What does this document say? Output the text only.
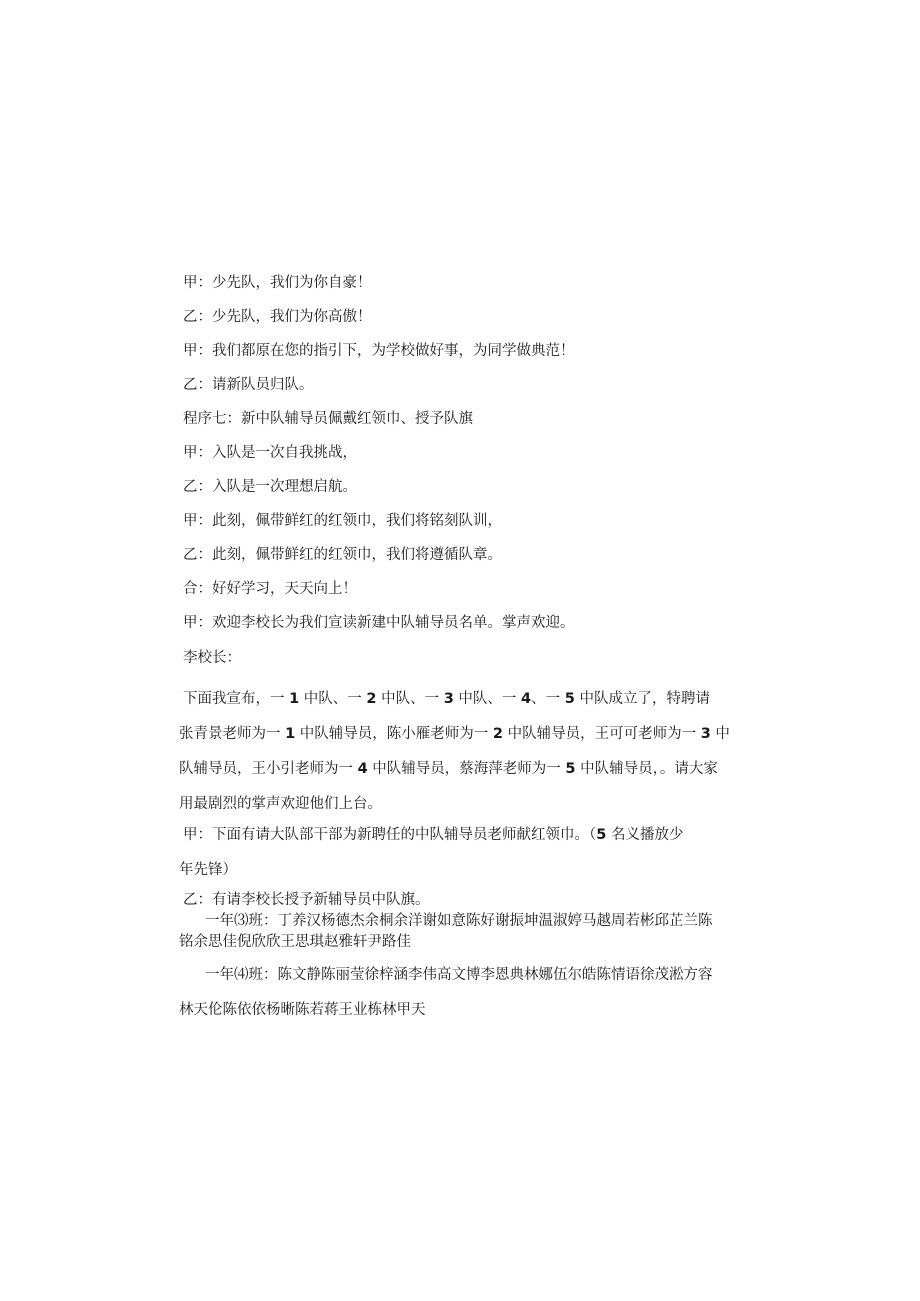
甲：少先队，我们为你自豪！
乙：少先队，我们为你高傲！
甲：我们都原在您的指引下，为学校做好事，为同学做典范！
乙：请新队员归队。
程序七：新中队辅导员佩戴红领巾、授予队旗
甲：入队是一次自我挑战，
乙：入队是一次理想启航。
甲：此刻，佩带鲜红的红领巾，我们将铭刻队训，
乙：此刻，佩带鲜红的红领巾，我们将遵循队章。
合：好好学习，天天向上！
甲：欢迎李校长为我们宣读新建中队辅导员名单。掌声欢迎。
李校长：

下面我宣布，一 1 中队、一 2 中队、一 3 中队、一 4、一 5 中队成立了，特聘请

张青景老师为一 1 中队辅导员，陈小雁老师为一 2 中队辅导员，王可可老师为一 3 中

队辅导员，王小引老师为一 4 中队辅导员，蔡海萍老师为一 5 中队辅导员，。请大家

用最剧烈的掌声欢迎他们上台。

甲：下面有请大队部干部为新聘任的中队辅导员老师献红领巾。（5 名义播放少

年先锋）

乙：有请李校长授予新辅导员中队旗。

一年⑶班：丁养汉杨德杰余桐余洋谢如意陈好谢振坤温淑婷马越周若彬邱芷兰陈

铭余思佳倪欣欣王思琪赵雅轩尹路佳

一年⑷班：陈文静陈丽莹徐梓涵李伟高文博李恩典林娜伍尔皓陈情语徐茂淞方容

林天伦陈依依杨晰陈若蒋王业栋林甲天
